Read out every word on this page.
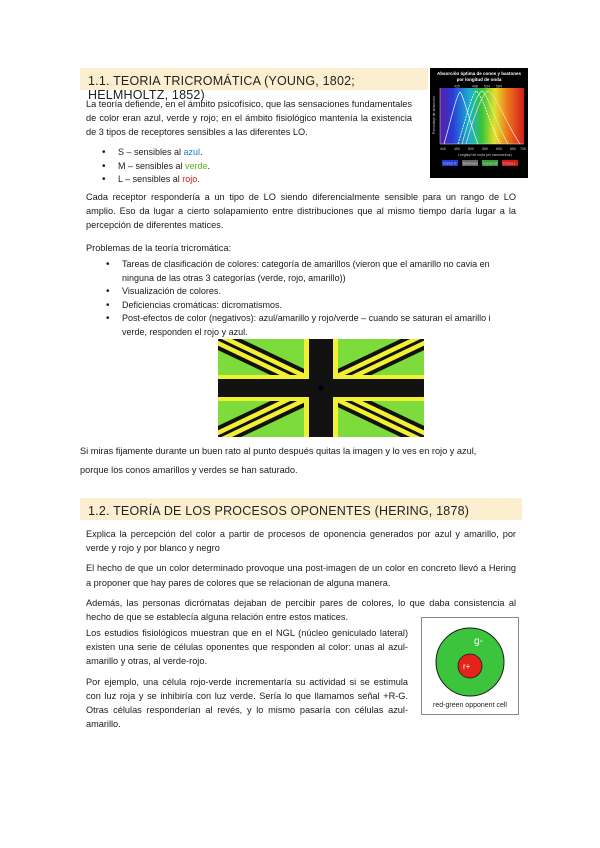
1.1. TEORIA TRICROMÁTICA (YOUNG, 1802; HELMHOLTZ, 1852)
Absorción óptima de conos y bastones por longitud de onda
400 450 500 550 600 650 700
Longitud de onda (en nanómetros)
Porcentaje de absorción
Conos S Bastones Conos M Conos L
420	498 534 564

La teoría defiende, en el ámbito psicofísico, que las sensaciones fundamentales de color eran azul, verde y rojo; en el ámbito fisiológico mantenía la existencia de 3 tipos de receptores sensibles a las diferentes LO.

• S – sensibles al azul.
• M – sensibles al verde.
• L – sensibles al rojo.

Cada receptor respondería a un tipo de LO siendo diferencialmente sensible para un rango de LO amplio. Eso da lugar a cierto solapamiento entre distribuciones que al mismo tiempo daría lugar a la percepción de diferentes matices.

Problemas de la teoría tricromática:

• Tareas de clasificación de colores: categoría de amarillos (vieron que el amarillo no cavia en ninguna de las otras 3 categorías (verde, rojo, amarillo))
• Visualización de colores.
• Deficiencias cromáticas: dicromatismos.
• Post-efectos de color (negativos): azul/amarillo y rojo/verde – cuando se saturan el amarillo i verde, responden el rojo y azul.

Si miras fijamente durante un buen rato al punto después quitas la imagen y lo ves en rojo y azul,

porque los conos amarillos y verdes se han saturado.

1.2. TEORÍA DE LOS PROCESOS OPONENTES (HERING, 1878)

Explica la percepción del color a partir de procesos de oponencia generados por azul y amarillo, por verde y rojo y por blanco y negro

El hecho de que un color determinado provoque una post-imagen de un color en concreto llevó a Hering a proponer que hay pares de colores que se relacionan de alguna manera.

Además, las personas dicrómatas dejaban de percibir pares de colores, lo que daba consistencia al hecho de que se establecía alguna relación entre estos matices.

Los estudios fisiológicos muestran que en el NGL (núcleo geniculado lateral) existen una serie de células oponentes que responden al color: unas al azul- amarillo y otras, al verde-rojo.

Por ejemplo, una célula rojo-verde incrementaría su actividad si se estimula con luz roja y se inhibiría con luz verde. Sería lo que llamamos señal +R-G. Otras células responderían al revés, y lo mismo pasaría con células azul- amarillo.

g-
r+
red-green opponent cell
